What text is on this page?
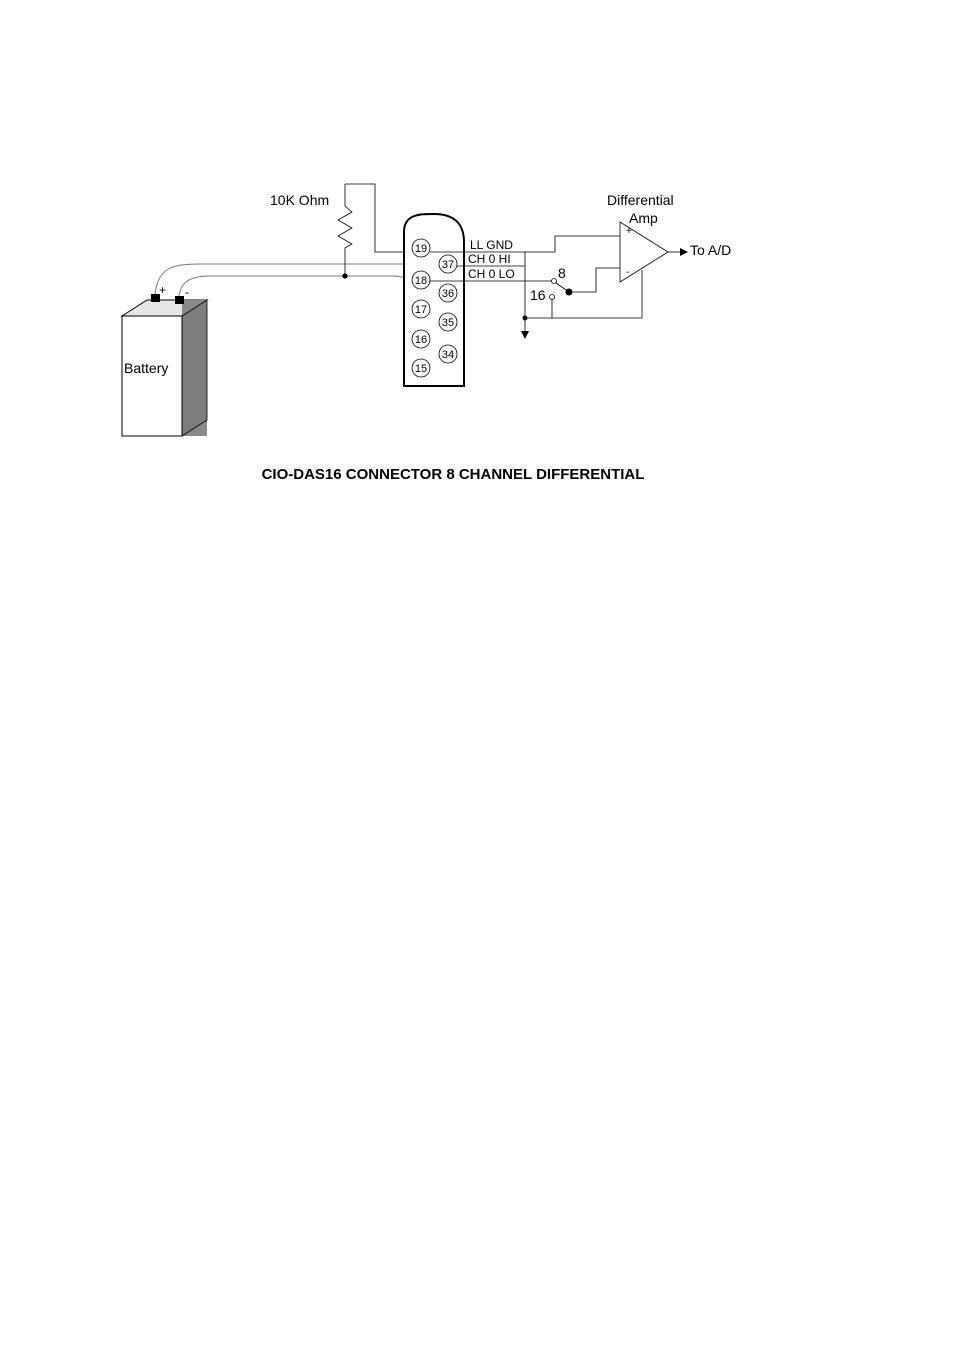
Battery
+ -
10K Ohm
19
37
18
36
17
35
16
34
15
LL GND
CH 0 HI
CH 0 LO	8
16
+
-
Differential
Amp
To A/D
CIO-DAS16 CONNECTOR 8 CHANNEL DIFFERENTIAL
